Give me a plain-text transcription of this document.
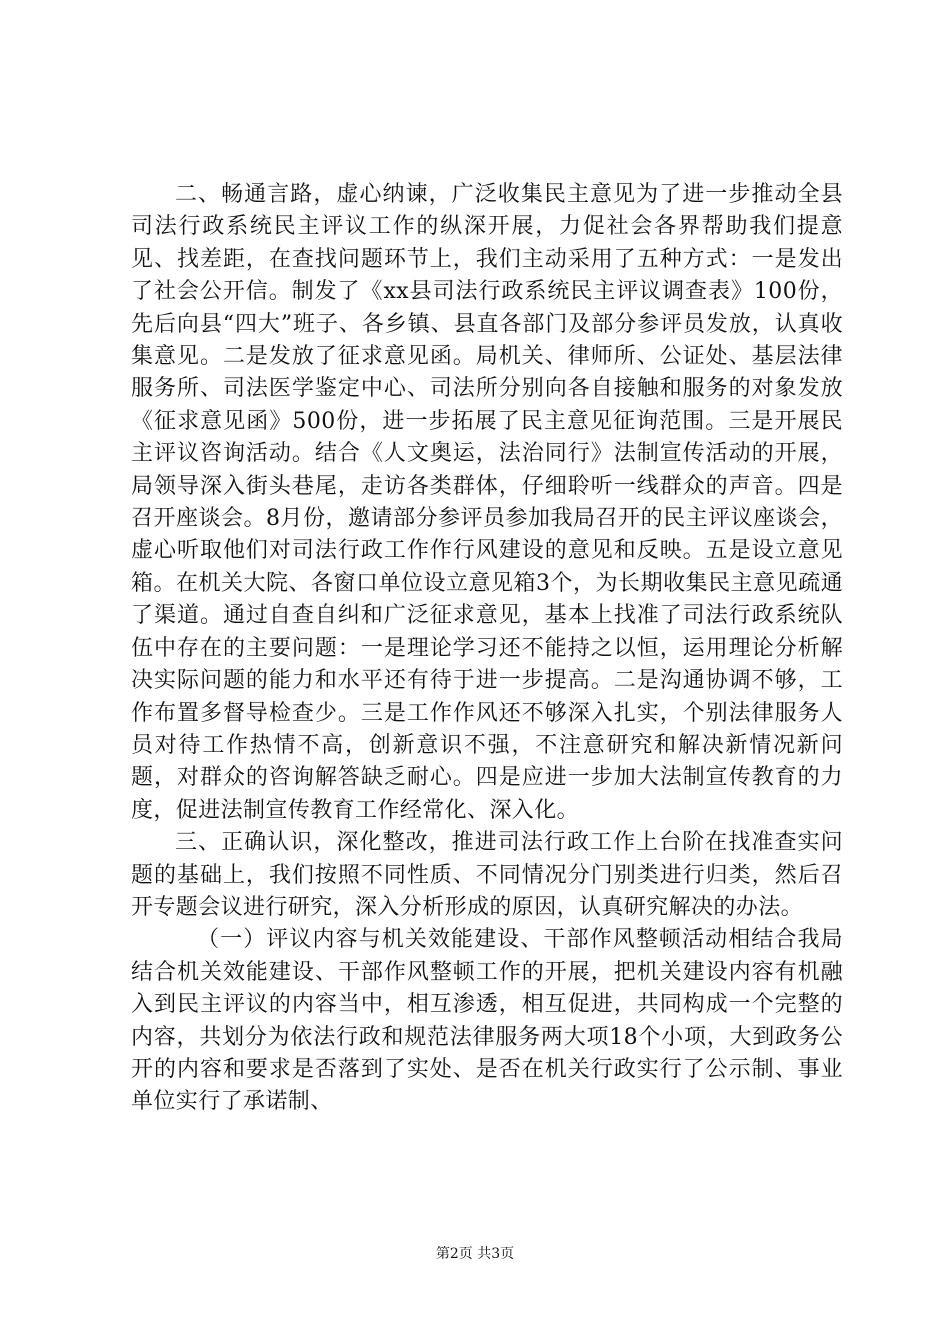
二、畅通言路，虚心纳谏，广泛收集民主意见为了进一步推动全县司法行政系统民主评议工作的纵深开展，力促社会各界帮助我们提意见、找差距，在查找问题环节上，我们主动采用了五种方式：一是发出了社会公开信。制发了《xx县司法行政系统民主评议调查表》100份，先后向县“四大”班子、各乡镇、县直各部门及部分参评员发放，认真收集意见。二是发放了征求意见函。局机关、律师所、公证处、基层法律服务所、司法医学鉴定中心、司法所分别向各自接触和服务的对象发放《征求意见函》500份，进一步拓展了民主意见征询范围。三是开展民主评议咨询活动。结合《人文奥运，法治同行》法制宣传活动的开展，局领导深入街头巷尾，走访各类群体，仔细聆听一线群众的声音。四是召开座谈会。8月份，邀请部分参评员参加我局召开的民主评议座谈会，虚心听取他们对司法行政工作作行风建设的意见和反映。五是设立意见箱。在机关大院、各窗口单位设立意见箱3个，为长期收集民主意见疏通了渠道。通过自查自纠和广泛征求意见，基本上找准了司法行政系统队伍中存在的主要问题：一是理论学习还不能持之以恒，运用理论分析解决实际问题的能力和水平还有待于进一步提高。二是沟通协调不够，工作布置多督导检查少。三是工作作风还不够深入扎实，个别法律服务人员对待工作热情不高，创新意识不强，不注意研究和解决新情况新问题，对群众的咨询解答缺乏耐心。四是应进一步加大法制宣传教育的力度，促进法制宣传教育工作经常化、深入化。

三、正确认识，深化整改，推进司法行政工作上台阶在找准查实问题的基础上，我们按照不同性质、不同情况分门别类进行归类，然后召开专题会议进行研究，深入分析形成的原因，认真研究解决的办法。

（一）评议内容与机关效能建设、干部作风整顿活动相结合我局结合机关效能建设、干部作风整顿工作的开展，把机关建设内容有机融入到民主评议的内容当中，相互渗透，相互促进，共同构成一个完整的内容，共划分为依法行政和规范法律服务两大项18个小项，大到政务公开的内容和要求是否落到了实处、是否在机关行政实行了公示制、事业单位实行了承诺制、

第2页 共3页
